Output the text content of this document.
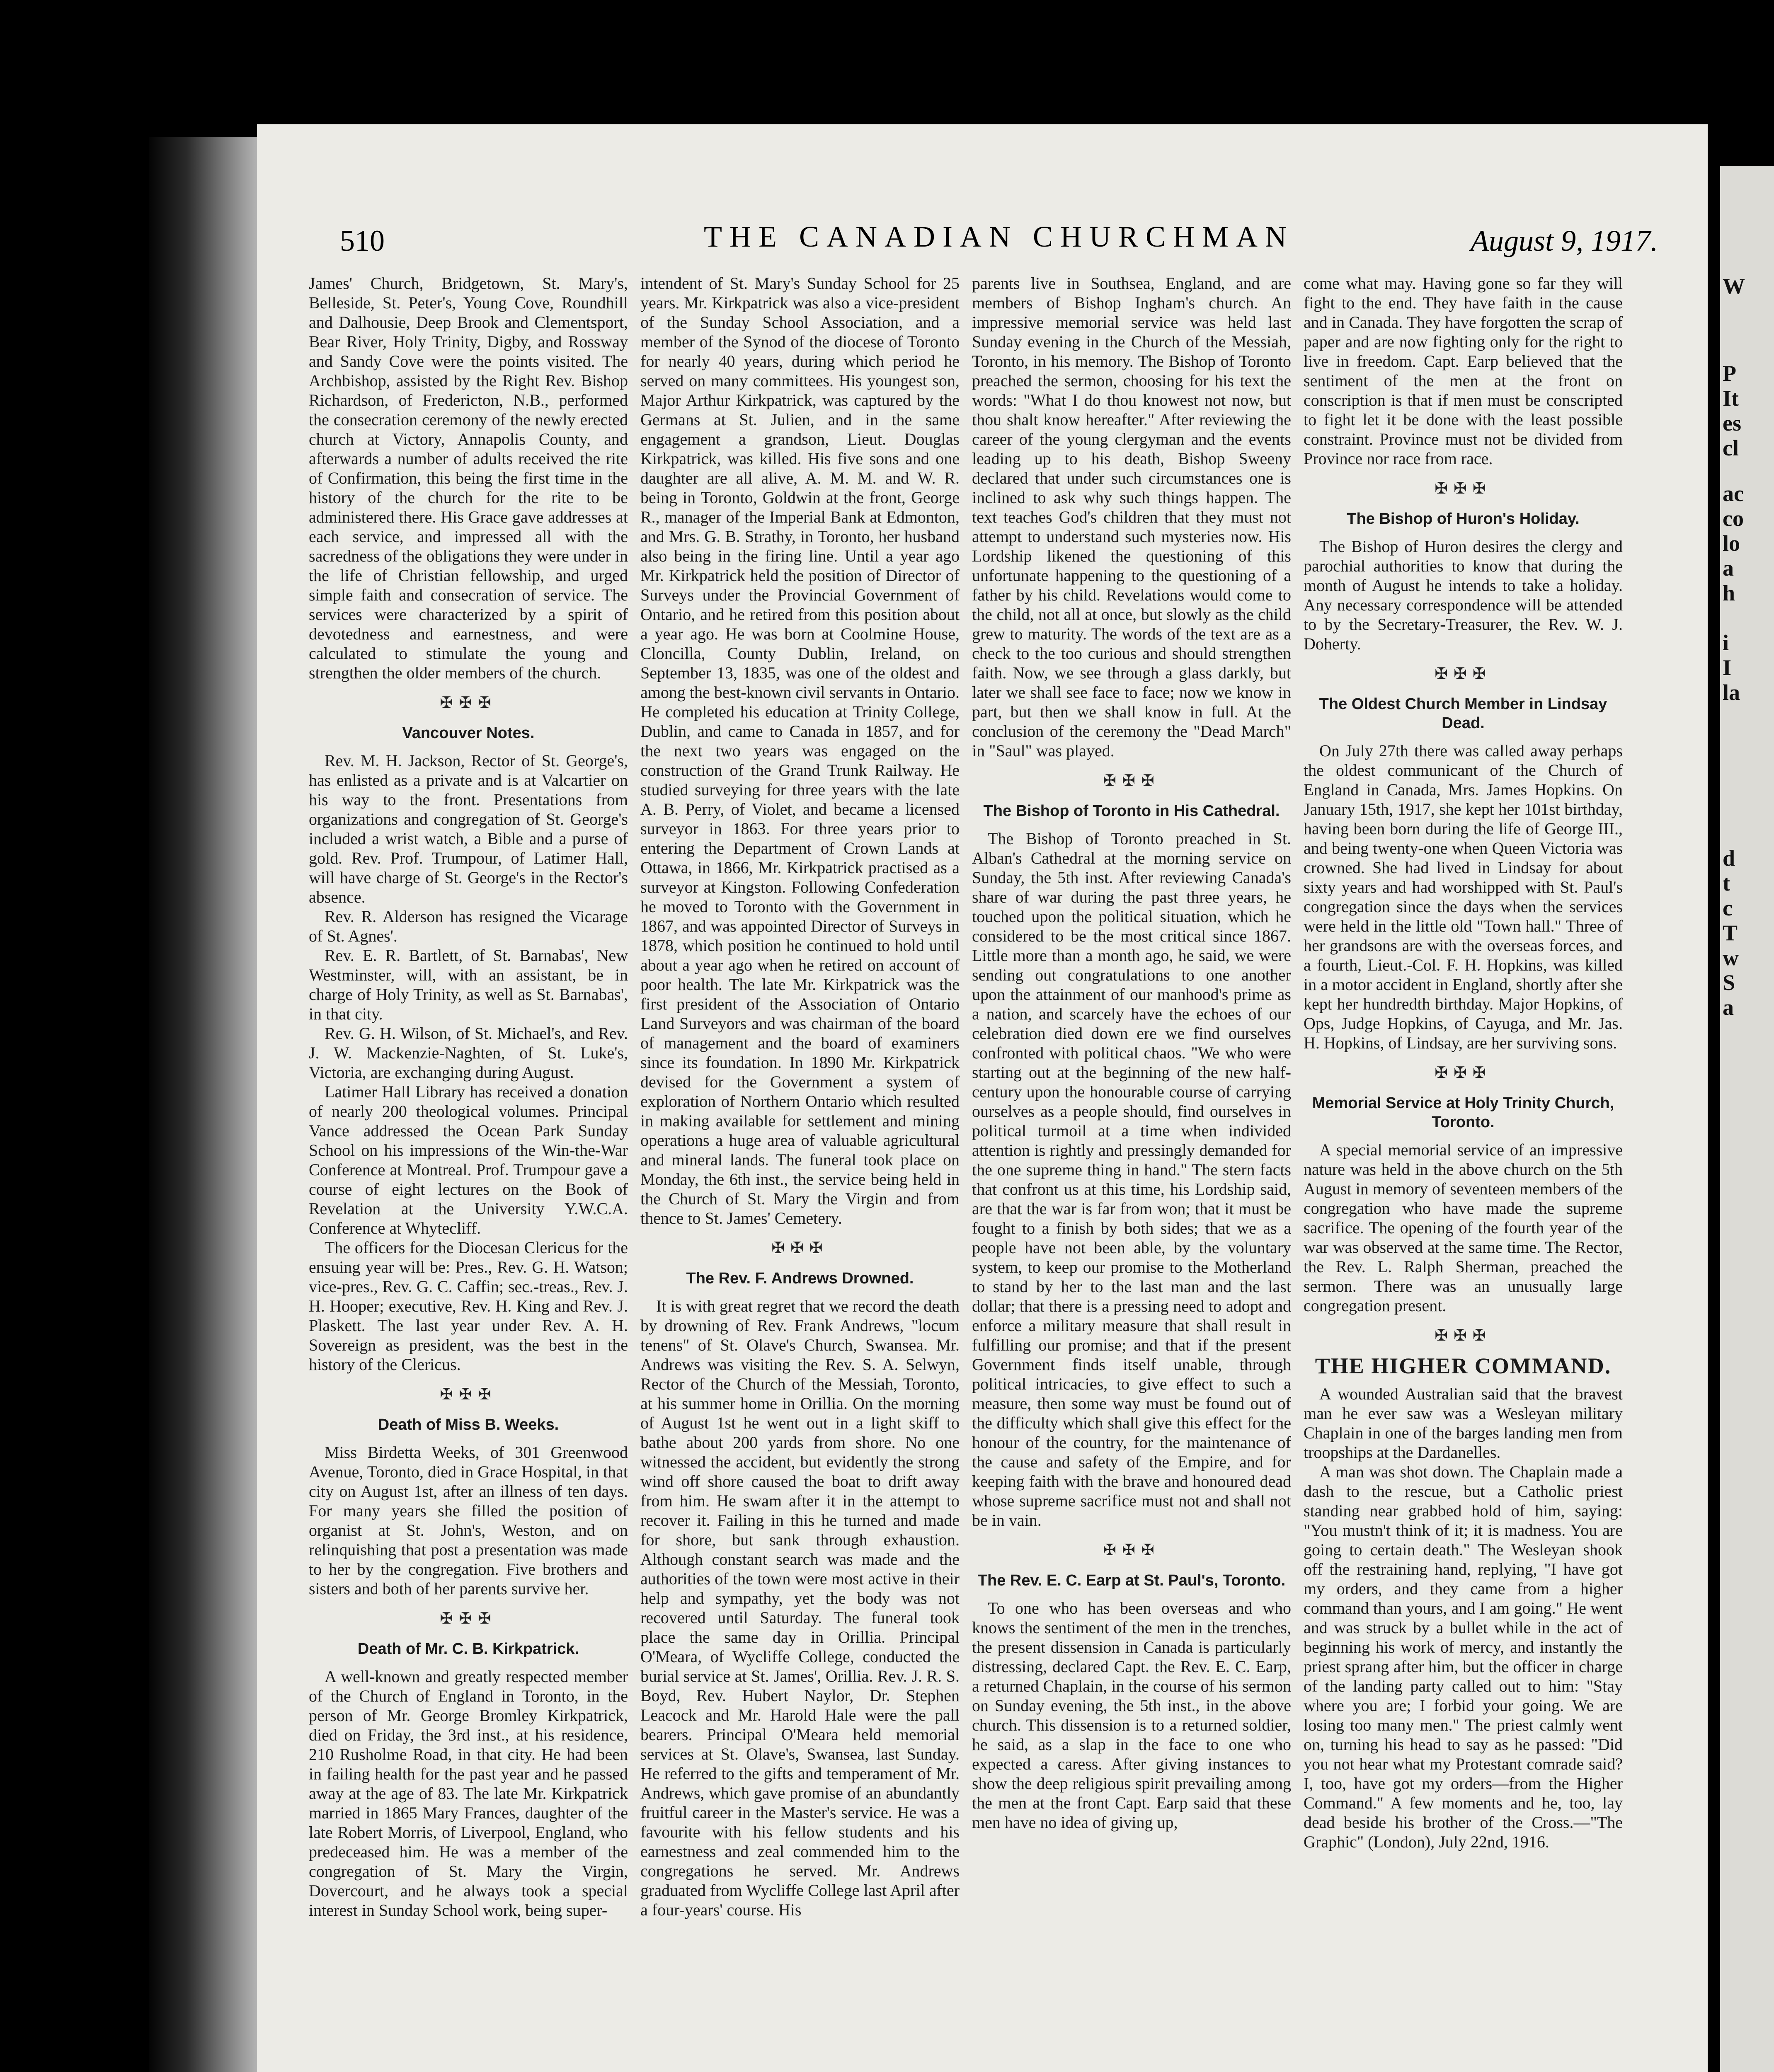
W
P
It
es
cl
ac
co
lo
a
h
i
I
la
d
t
c
T
w
S
a
510	THE CANADIAN CHURCHMAN	August 9, 1917.

James' Church, Bridgetown, St. Mary's, Belleside, St. Peter's, Young Cove, Roundhill and Dalhousie, Deep Brook and Clementsport, Bear River, Holy Trinity, Digby, and Rossway and Sandy Cove were the points visited. The Archbishop, assisted by the Right Rev. Bishop Richardson, of Fredericton, N.B., performed the consecration ceremony of the newly erected church at Victory, Annapolis County, and afterwards a number of adults received the rite of Confirmation, this being the first time in the history of the church for the rite to be administered there. His Grace gave addresses at each service, and impressed all with the sacredness of the obligations they were under in the life of Christian fellowship, and urged simple faith and consecration of service. The services were characterized by a spirit of devotedness and earnestness, and were calculated to stimulate the young and strengthen the older members of the church.

✠✠✠
Vancouver Notes.

Rev. M. H. Jackson, Rector of St. George's, has enlisted as a private and is at Valcartier on his way to the front. Presentations from organizations and congregation of St. George's included a wrist watch, a Bible and a purse of gold. Rev. Prof. Trumpour, of Latimer Hall, will have charge of St. George's in the Rector's absence.

Rev. R. Alderson has resigned the Vicarage of St. Agnes'.

Rev. E. R. Bartlett, of St. Barnabas', New Westminster, will, with an assistant, be in charge of Holy Trinity, as well as St. Barnabas', in that city.

Rev. G. H. Wilson, of St. Michael's, and Rev. J. W. Mackenzie-Naghten, of St. Luke's, Victoria, are exchanging during August.

Latimer Hall Library has received a donation of nearly 200 theological volumes. Principal Vance addressed the Ocean Park Sunday School on his impressions of the Win-the-War Conference at Montreal. Prof. Trumpour gave a course of eight lectures on the Book of Revelation at the University Y.W.C.A. Conference at Whytecliff.

The officers for the Diocesan Clericus for the ensuing year will be: Pres., Rev. G. H. Watson; vice-pres., Rev. G. C. Caffin; sec.-treas., Rev. J. H. Hooper; executive, Rev. H. King and Rev. J. Plaskett. The last year under Rev. A. H. Sovereign as president, was the best in the history of the Clericus.

✠✠✠
Death of Miss B. Weeks.

Miss Birdetta Weeks, of 301 Greenwood Avenue, Toronto, died in Grace Hospital, in that city on August 1st, after an illness of ten days. For many years she filled the position of organist at St. John's, Weston, and on relinquishing that post a presentation was made to her by the congregation. Five brothers and sisters and both of her parents survive her.

✠✠✠
Death of Mr. C. B. Kirkpatrick.

A well-known and greatly respected member of the Church of England in Toronto, in the person of Mr. George Bromley Kirkpatrick, died on Friday, the 3rd inst., at his residence, 210 Rusholme Road, in that city. He had been in failing health for the past year and he passed away at the age of 83. The late Mr. Kirkpatrick married in 1865 Mary Frances, daughter of the late Robert Morris, of Liverpool, England, who predeceased him. He was a member of the congregation of St. Mary the Virgin, Dovercourt, and he always took a special interest in Sunday School work, being super-

intendent of St. Mary's Sunday School for 25 years. Mr. Kirkpatrick was also a vice-president of the Sunday School Association, and a member of the Synod of the diocese of Toronto for nearly 40 years, during which period he served on many committees. His youngest son, Major Arthur Kirkpatrick, was captured by the Germans at St. Julien, and in the same engagement a grandson, Lieut. Douglas Kirkpatrick, was killed. His five sons and one daughter are all alive, A. M. M. and W. R. being in Toronto, Goldwin at the front, George R., manager of the Imperial Bank at Edmonton, and Mrs. G. B. Strathy, in Toronto, her husband also being in the firing line. Until a year ago Mr. Kirkpatrick held the position of Director of Surveys under the Provincial Government of Ontario, and he retired from this position about a year ago. He was born at Coolmine House, Cloncilla, County Dublin, Ireland, on September 13, 1835, was one of the oldest and among the best-known civil servants in Ontario. He completed his education at Trinity College, Dublin, and came to Canada in 1857, and for the next two years was engaged on the construction of the Grand Trunk Railway. He studied surveying for three years with the late A. B. Perry, of Violet, and became a licensed surveyor in 1863. For three years prior to entering the Department of Crown Lands at Ottawa, in 1866, Mr. Kirkpatrick practised as a surveyor at Kingston. Following Confederation he moved to Toronto with the Government in 1867, and was appointed Director of Surveys in 1878, which position he continued to hold until about a year ago when he retired on account of poor health. The late Mr. Kirkpatrick was the first president of the Association of Ontario Land Surveyors and was chairman of the board of management and the board of examiners since its foundation. In 1890 Mr. Kirkpatrick devised for the Government a system of exploration of Northern Ontario which resulted in making available for settlement and mining operations a huge area of valuable agricultural and mineral lands. The funeral took place on Monday, the 6th inst., the service being held in the Church of St. Mary the Virgin and from thence to St. James' Cemetery.

✠✠✠
The Rev. F. Andrews Drowned.

It is with great regret that we record the death by drowning of Rev. Frank Andrews, "locum tenens" of St. Olave's Church, Swansea. Mr. Andrews was visiting the Rev. S. A. Selwyn, Rector of the Church of the Messiah, Toronto, at his summer home in Orillia. On the morning of August 1st he went out in a light skiff to bathe about 200 yards from shore. No one witnessed the accident, but evidently the strong wind off shore caused the boat to drift away from him. He swam after it in the attempt to recover it. Failing in this he turned and made for shore, but sank through exhaustion. Although constant search was made and the authorities of the town were most active in their help and sympathy, yet the body was not recovered until Saturday. The funeral took place the same day in Orillia. Principal O'Meara, of Wycliffe College, conducted the burial service at St. James', Orillia. Rev. J. R. S. Boyd, Rev. Hubert Naylor, Dr. Stephen Leacock and Mr. Harold Hale were the pall bearers. Principal O'Meara held memorial services at St. Olave's, Swansea, last Sunday. He referred to the gifts and temperament of Mr. Andrews, which gave promise of an abundantly fruitful career in the Master's service. He was a favourite with his fellow students and his earnestness and zeal commended him to the congregations he served. Mr. Andrews graduated from Wycliffe College last April after a four-years' course. His

parents live in Southsea, England, and are members of Bishop Ingham's church. An impressive memorial service was held last Sunday evening in the Church of the Messiah, Toronto, in his memory. The Bishop of Toronto preached the sermon, choosing for his text the words: "What I do thou knowest not now, but thou shalt know hereafter." After reviewing the career of the young clergyman and the events leading up to his death, Bishop Sweeny declared that under such circumstances one is inclined to ask why such things happen. The text teaches God's children that they must not attempt to understand such mysteries now. His Lordship likened the questioning of this unfortunate happening to the questioning of a father by his child. Revelations would come to the child, not all at once, but slowly as the child grew to maturity. The words of the text are as a check to the too curious and should strengthen faith. Now, we see through a glass darkly, but later we shall see face to face; now we know in part, but then we shall know in full. At the conclusion of the ceremony the "Dead March" in "Saul" was played.

✠✠✠
The Bishop of Toronto in His Cathedral.

The Bishop of Toronto preached in St. Alban's Cathedral at the morning service on Sunday, the 5th inst. After reviewing Canada's share of war during the past three years, he touched upon the political situation, which he considered to be the most critical since 1867. Little more than a month ago, he said, we were sending out congratulations to one another upon the attainment of our manhood's prime as a nation, and scarcely have the echoes of our celebration died down ere we find ourselves confronted with political chaos. "We who were starting out at the beginning of the new half-century upon the honourable course of carrying ourselves as a people should, find ourselves in political turmoil at a time when individed attention is rightly and pressingly demanded for the one supreme thing in hand." The stern facts that confront us at this time, his Lordship said, are that the war is far from won; that it must be fought to a finish by both sides; that we as a people have not been able, by the voluntary system, to keep our promise to the Motherland to stand by her to the last man and the last dollar; that there is a pressing need to adopt and enforce a military measure that shall result in fulfilling our promise; and that if the present Government finds itself unable, through political intricacies, to give effect to such a measure, then some way must be found out of the difficulty which shall give this effect for the honour of the country, for the maintenance of the cause and safety of the Empire, and for keeping faith with the brave and honoured dead whose supreme sacrifice must not and shall not be in vain.

✠✠✠
The Rev. E. C. Earp at St. Paul's, Toronto.

To one who has been overseas and who knows the sentiment of the men in the trenches, the present dissension in Canada is particularly distressing, declared Capt. the Rev. E. C. Earp, a returned Chaplain, in the course of his sermon on Sunday evening, the 5th inst., in the above church. This dissension is to a returned soldier, he said, as a slap in the face to one who expected a caress. After giving instances to show the deep religious spirit prevailing among the men at the front Capt. Earp said that these men have no idea of giving up,

come what may. Having gone so far they will fight to the end. They have faith in the cause and in Canada. They have forgotten the scrap of paper and are now fighting only for the right to live in freedom. Capt. Earp believed that the sentiment of the men at the front on conscription is that if men must be conscripted to fight let it be done with the least possible constraint. Province must not be divided from Province nor race from race.

✠✠✠
The Bishop of Huron's Holiday.

The Bishop of Huron desires the clergy and parochial authorities to know that during the month of August he intends to take a holiday. Any necessary correspondence will be attended to by the Secretary-Treasurer, the Rev. W. J. Doherty.

✠✠✠
The Oldest Church Member in Lindsay Dead.

On July 27th there was called away perhaps the oldest communicant of the Church of England in Canada, Mrs. James Hopkins. On January 15th, 1917, she kept her 101st birthday, having been born during the life of George III., and being twenty-one when Queen Victoria was crowned. She had lived in Lindsay for about sixty years and had worshipped with St. Paul's congregation since the days when the services were held in the little old "Town hall." Three of her grandsons are with the overseas forces, and a fourth, Lieut.-Col. F. H. Hopkins, was killed in a motor accident in England, shortly after she kept her hundredth birthday. Major Hopkins, of Ops, Judge Hopkins, of Cayuga, and Mr. Jas. H. Hopkins, of Lindsay, are her surviving sons.

✠✠✠
Memorial Service at Holy Trinity Church, Toronto.

A special memorial service of an impressive nature was held in the above church on the 5th August in memory of seventeen members of the congregation who have made the supreme sacrifice. The opening of the fourth year of the war was observed at the same time. The Rector, the Rev. L. Ralph Sherman, preached the sermon. There was an unusually large congregation present.

✠✠✠
THE HIGHER COMMAND.

A wounded Australian said that the bravest man he ever saw was a Wesleyan military Chaplain in one of the barges landing men from troopships at the Dardanelles.

A man was shot down. The Chaplain made a dash to the rescue, but a Catholic priest standing near grabbed hold of him, saying: "You mustn't think of it; it is madness. You are going to certain death." The Wesleyan shook off the restraining hand, replying, "I have got my orders, and they came from a higher command than yours, and I am going." He went and was struck by a bullet while in the act of beginning his work of mercy, and instantly the priest sprang after him, but the officer in charge of the landing party called out to him: "Stay where you are; I forbid your going. We are losing too many men." The priest calmly went on, turning his head to say as he passed: "Did you not hear what my Protestant comrade said? I, too, have got my orders—from the Higher Command." A few moments and he, too, lay dead beside his brother of the Cross.—"The Graphic" (London), July 22nd, 1916.
